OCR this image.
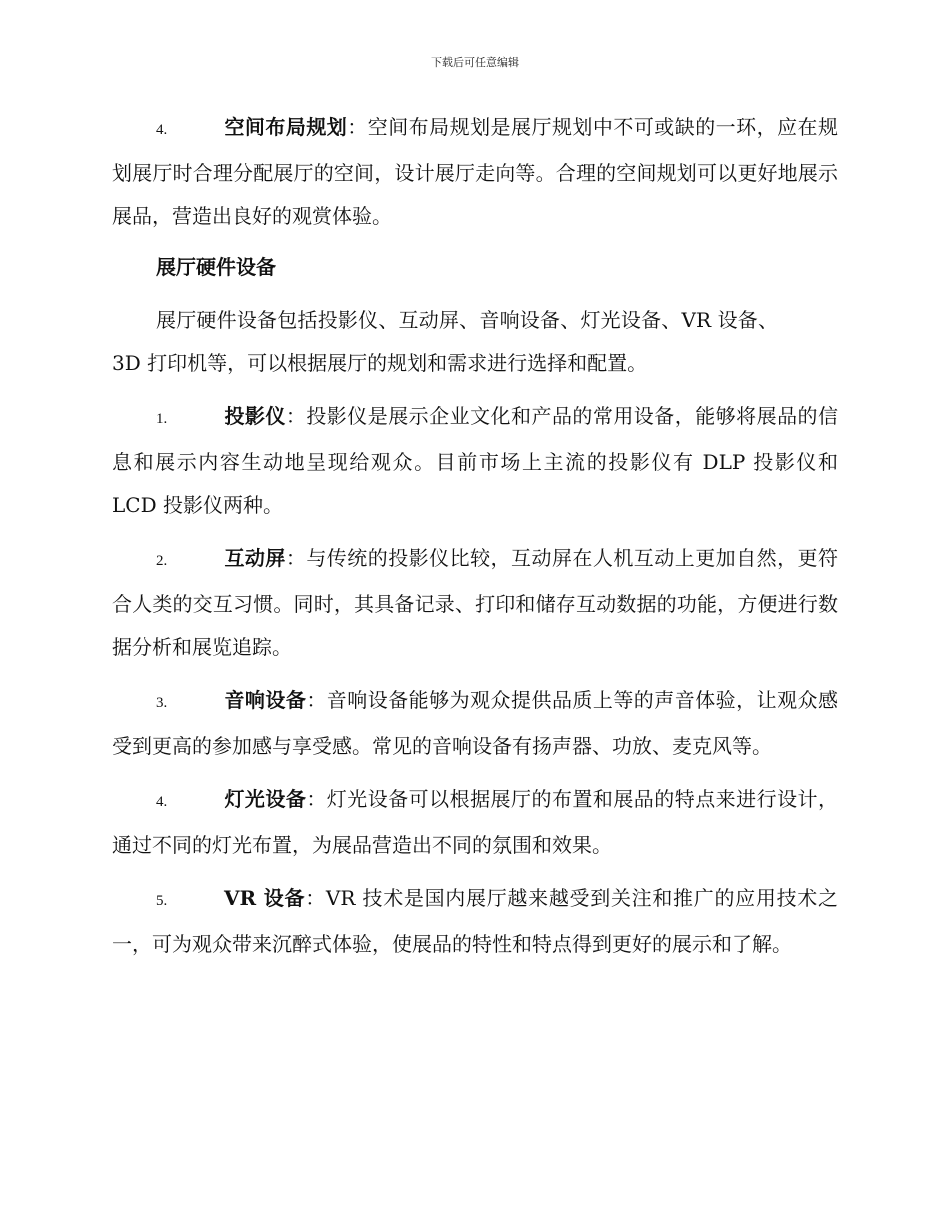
下载后可任意编辑

4.	空间布局规划：空间布局规划是展厅规划中不可或缺的一环，应在规划展厅时合理分配展厅的空间，设计展厅走向等。合理的空间规划可以更好地展示展品，营造出良好的观赏体验。

展厅硬件设备

展厅硬件设备包括投影仪、互动屏、音响设备、灯光设备、VR 设备、3D 打印机等，可以根据展厅的规划和需求进行选择和配置。

1.	投影仪：投影仪是展示企业文化和产品的常用设备，能够将展品的信息和展示内容生动地呈现给观众。目前市场上主流的投影仪有 DLP 投影仪和 LCD 投影仪两种。

2.	互动屏：与传统的投影仪比较，互动屏在人机互动上更加自然，更符合人类的交互习惯。同时，其具备记录、打印和储存互动数据的功能，方便进行数据分析和展览追踪。

3.	音响设备：音响设备能够为观众提供品质上等的声音体验，让观众感受到更高的参加感与享受感。常见的音响设备有扬声器、功放、麦克风等。

4.	灯光设备：灯光设备可以根据展厅的布置和展品的特点来进行设计，通过不同的灯光布置，为展品营造出不同的氛围和效果。

5.	VR 设备：VR 技术是国内展厅越来越受到关注和推广的应用技术之一，可为观众带来沉醉式体验，使展品的特性和特点得到更好的展示和了解。
